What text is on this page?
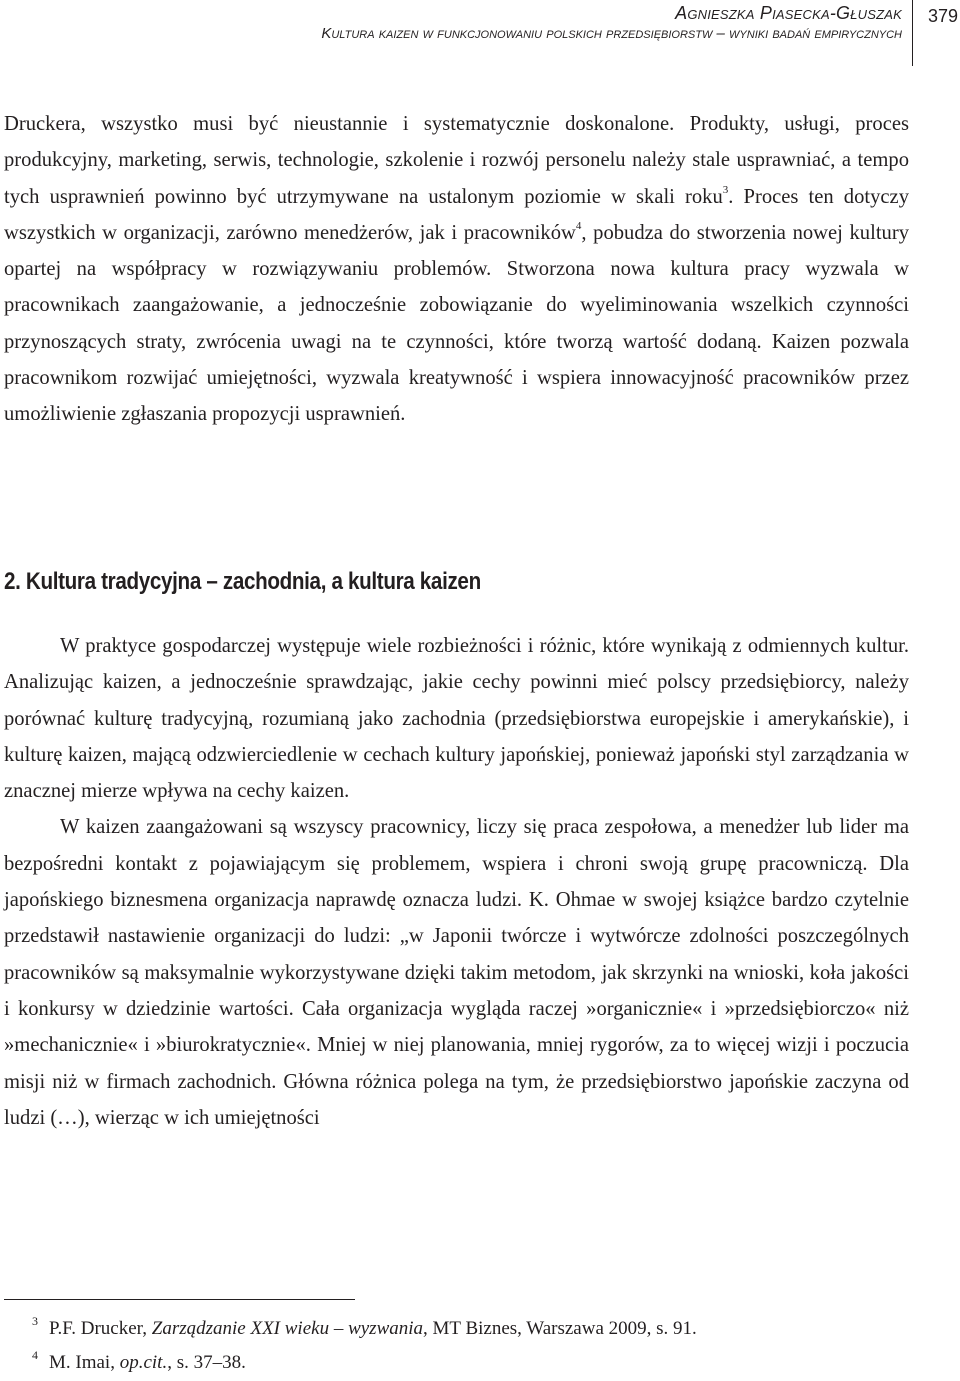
Agnieszka Piasecka-Głuszak
Kultura kaizen w funkcjonowaniu polskich przedsiębiorstw – wyniki badań empirycznych
379

Druckera, wszystko musi być nieustannie i systematycznie doskonalone. Produkty, usługi, proces produkcyjny, marketing, serwis, technologie, szkolenie i rozwój personelu należy stale usprawniać, a tempo tych usprawnień powinno być utrzymywane na ustalonym poziomie w skali roku$^3$. Proces ten dotyczy wszystkich w organizacji, zarówno menedżerów, jak i pracowników$^4$, pobudza do stworzenia nowej kultury opartej na współpracy w rozwiązywaniu problemów. Stworzona nowa kultura pracy wyzwala w pracownikach zaangażowanie, a jednocześnie zobowiązanie do wyeliminowania wszelkich czynności przynoszących straty, zwrócenia uwagi na te czynności, które tworzą wartość dodaną. Kaizen pozwala pracownikom rozwijać umiejętności, wyzwala kreatywność i wspiera innowacyjność pracowników przez umożliwienie zgłaszania propozycji usprawnień.

2. Kultura tradycyjna – zachodnia, a kultura kaizen

W praktyce gospodarczej występuje wiele rozbieżności i różnic, które wynikają z odmiennych kultur. Analizując kaizen, a jednocześnie sprawdzając, jakie cechy powinni mieć polscy przedsiębiorcy, należy porównać kulturę tradycyjną, rozumianą jako zachodnia (przedsiębiorstwa europejskie i amerykańskie), i kulturę kaizen, mającą odzwierciedlenie w cechach kultury japońskiej, ponieważ japoński styl zarządzania w znacznej mierze wpływa na cechy kaizen.

W kaizen zaangażowani są wszyscy pracownicy, liczy się praca zespołowa, a menedżer lub lider ma bezpośredni kontakt z pojawiającym się problemem, wspiera i chroni swoją grupę pracowniczą. Dla japońskiego biznesmena organizacja naprawdę oznacza ludzi. K. Ohmae w swojej książce bardzo czytelnie przedstawił nastawienie organizacji do ludzi: „w Japonii twórcze i wytwórcze zdolności poszczególnych pracowników są maksymalnie wykorzystywane dzięki takim metodom, jak skrzynki na wnioski, koła jakości i konkursy w dziedzinie wartości. Cała organizacja wygląda raczej »organicznie« i »przedsiębiorczo« niż »mechanicznie« i »biurokratycznie«. Mniej w niej planowania, mniej rygorów, za to więcej wizji i poczucia misji niż w firmach zachodnich. Główna różnica polega na tym, że przedsiębiorstwo japońskie zaczyna od ludzi (…), wierząc w ich umiejętności

3 P.F. Drucker, Zarządzanie XXI wieku – wyzwania, MT Biznes, Warszawa 2009, s. 91.
4 M. Imai, op.cit., s. 37–38.
